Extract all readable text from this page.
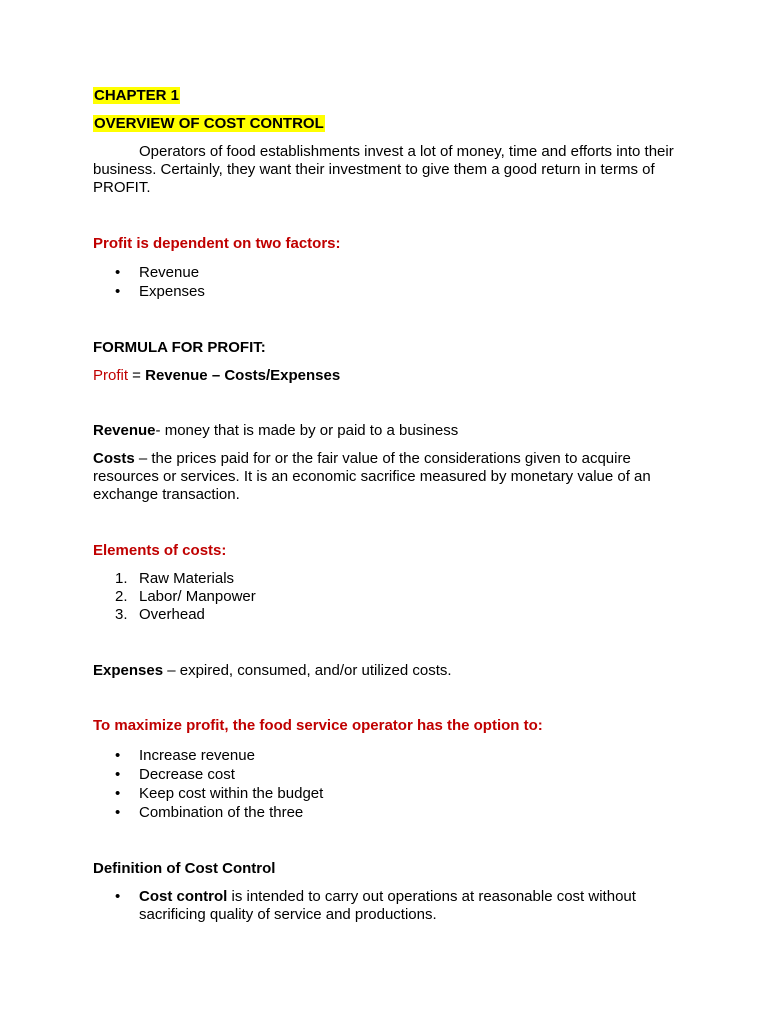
CHAPTER 1

OVERVIEW OF COST CONTROL

Operators of food establishments invest a lot of money, time and efforts into their business. Certainly, they want their investment to give them a good return in terms of PROFIT.

Profit is dependent on two factors:

• Revenue
• Expenses

FORMULA FOR PROFIT:

Profit = Revenue – Costs/Expenses

Revenue- money that is made by or paid to a business

Costs – the prices paid for or the fair value of the considerations given to acquire resources or services. It is an economic sacrifice measured by monetary value of an exchange transaction.

Elements of costs:

1. Raw Materials
2. Labor/ Manpower
3. Overhead

Expenses – expired, consumed, and/or utilized costs.

To maximize profit, the food service operator has the option to:

• Increase revenue
• Decrease cost
• Keep cost within the budget
• Combination of the three

Definition of Cost Control

• Cost control is intended to carry out operations at reasonable cost without sacrificing quality of service and productions.
